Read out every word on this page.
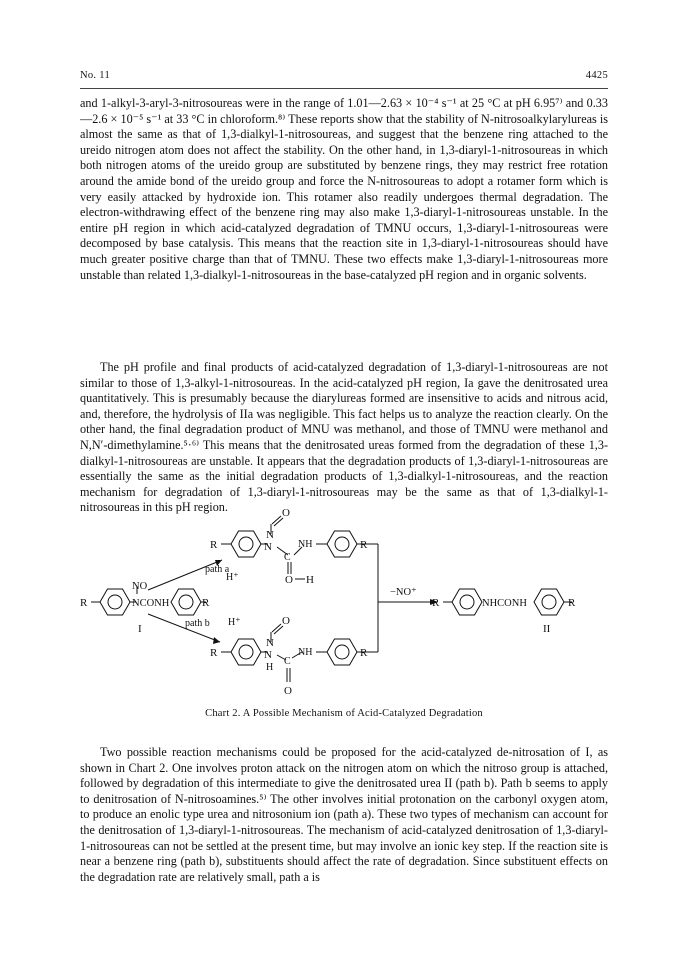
No. 11	4425

and 1-alkyl-3-aryl-3-nitrosoureas were in the range of 1.01—2.63 × 10⁻⁴ s⁻¹ at 25 °C at pH 6.95⁷⁾ and 0.33—2.6 × 10⁻⁵ s⁻¹ at 33 °C in chloroform.⁸⁾ These reports show that the stability of N-nitrosoalkylarylureas is almost the same as that of 1,3-dialkyl-1-nitrosoureas, and suggest that the benzene ring attached to the ureido nitrogen atom does not affect the stability. On the other hand, in 1,3-diaryl-1-nitrosoureas in which both nitrogen atoms of the ureido group are substituted by benzene rings, they may restrict free rotation around the amide bond of the ureido group and force the N-nitrosoureas to adopt a rotamer form which is very easily attacked by hydroxide ion. This rotamer also readily undergoes thermal degradation. The electron-withdrawing effect of the benzene ring may also make 1,3-diaryl-1-nitrosoureas unstable. In the entire pH region in which acid-catalyzed degradation of TMNU occurs, 1,3-diaryl-1-nitrosoureas were decomposed by base catalysis. This means that the reaction site in 1,3-diaryl-1-nitrosoureas should have much greater positive charge than that of TMNU. These two effects make 1,3-diaryl-1-nitrosoureas more unstable than related 1,3-dialkyl-1-nitrosoureas in the base-catalyzed pH region and in organic solvents.

The pH profile and final products of acid-catalyzed degradation of 1,3-diaryl-1-nitrosoureas are not similar to those of 1,3-alkyl-1-nitrosoureas. In the acid-catalyzed pH region, Ia gave the denitrosated urea quantitatively. This is presumably because the diarylureas formed are insensitive to acids and nitrous acid, and, therefore, the hydrolysis of IIa was negligible. This fact helps us to analyze the reaction clearly. On the other hand, the final degradation product of MNU was methanol, and those of TMNU were methanol and N,N′-dimethylamine.⁵·⁶⁾ This means that the denitrosated ureas formed from the degradation of these 1,3-dialkyl-1-nitrosoureas are unstable. It appears that the degradation products of 1,3-diaryl-1-nitrosoureas are essentially the same as the initial degradation products of 1,3-dialkyl-1-nitrosoureas, and the reaction mechanism for degradation of 1,3-diaryl-1-nitrosoureas may be the same as that of 1,3-dialkyl-1-nitrosoureas in this pH region.

R
N
O
N
C
NH
O H
R
path a
H⁺
NO
R	NCONH	R
I	path b H⁺
−NO⁺
R	NHCONH	R
II
R
N
O
N
C
NH
H
O
R
Chart 2. A Possible Mechanism of Acid-Catalyzed Degradation

Two possible reaction mechanisms could be proposed for the acid-catalyzed de-nitrosation of I, as shown in Chart 2. One involves proton attack on the nitrogen atom on which the nitroso group is attached, followed by degradation of this intermediate to give the denitrosated urea II (path b). Path b seems to apply to denitrosation of N-nitrosoamines.⁵⁾ The other involves initial protonation on the carbonyl oxygen atom, to produce an enolic type urea and nitrosonium ion (path a). These two types of mechanism can account for the denitrosation of 1,3-diaryl-1-nitrosoureas. The mechanism of acid-catalyzed denitrosation of 1,3-diaryl-1-nitrosoureas can not be settled at the present time, but may involve an ionic key step. If the reaction site is near a benzene ring (path b), substituents should affect the rate of degradation. Since substituent effects on the degradation rate are relatively small, path a is
